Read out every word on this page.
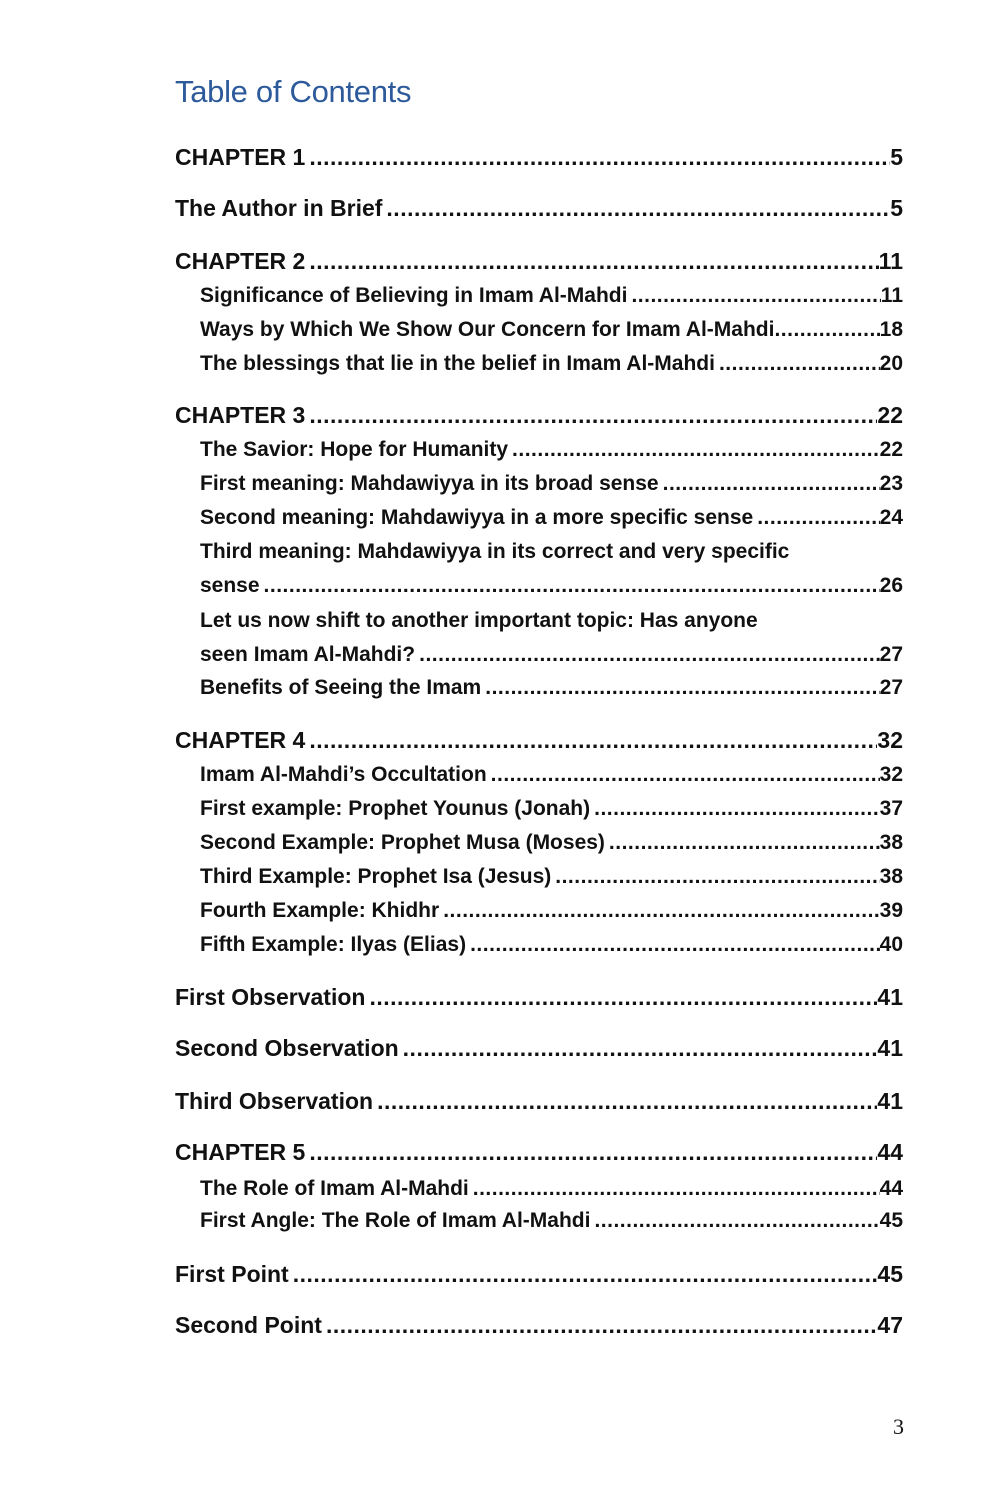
Table of Contents
CHAPTER 1 .....	5
The Author in Brief .....	5
CHAPTER 2 .....	11
Significance of Believing in Imam Al-Mahdi .....	11
Ways by Which We Show Our Concern for Imam Al-Mahdi .....	18
The blessings that lie in the belief in Imam Al-Mahdi .....	20
CHAPTER 3 .....	22
The Savior: Hope for Humanity .....	22
First meaning: Mahdawiyya in its broad sense .....	23
Second meaning: Mahdawiyya in a more specific sense .....	24
Third meaning: Mahdawiyya in its correct and very specific
sense .....	26
Let us now shift to another important topic: Has anyone
seen Imam Al-Mahdi? .....	27
Benefits of Seeing the Imam .....	27
CHAPTER 4 .....	32
Imam Al-Mahdi’s Occultation .....	32
First example: Prophet Younus (Jonah) .....	37
Second Example: Prophet Musa (Moses) .....	38
Third Example: Prophet Isa (Jesus) .....	38
Fourth Example: Khidhr .....	39
Fifth Example: Ilyas (Elias) .....	40
First Observation .....	41
Second Observation .....	41
Third Observation .....	41
CHAPTER 5 .....	44
The Role of Imam Al-Mahdi .....	44
First Angle: The Role of Imam Al-Mahdi .....	45
First Point .....	45
Second Point .....	47
3
